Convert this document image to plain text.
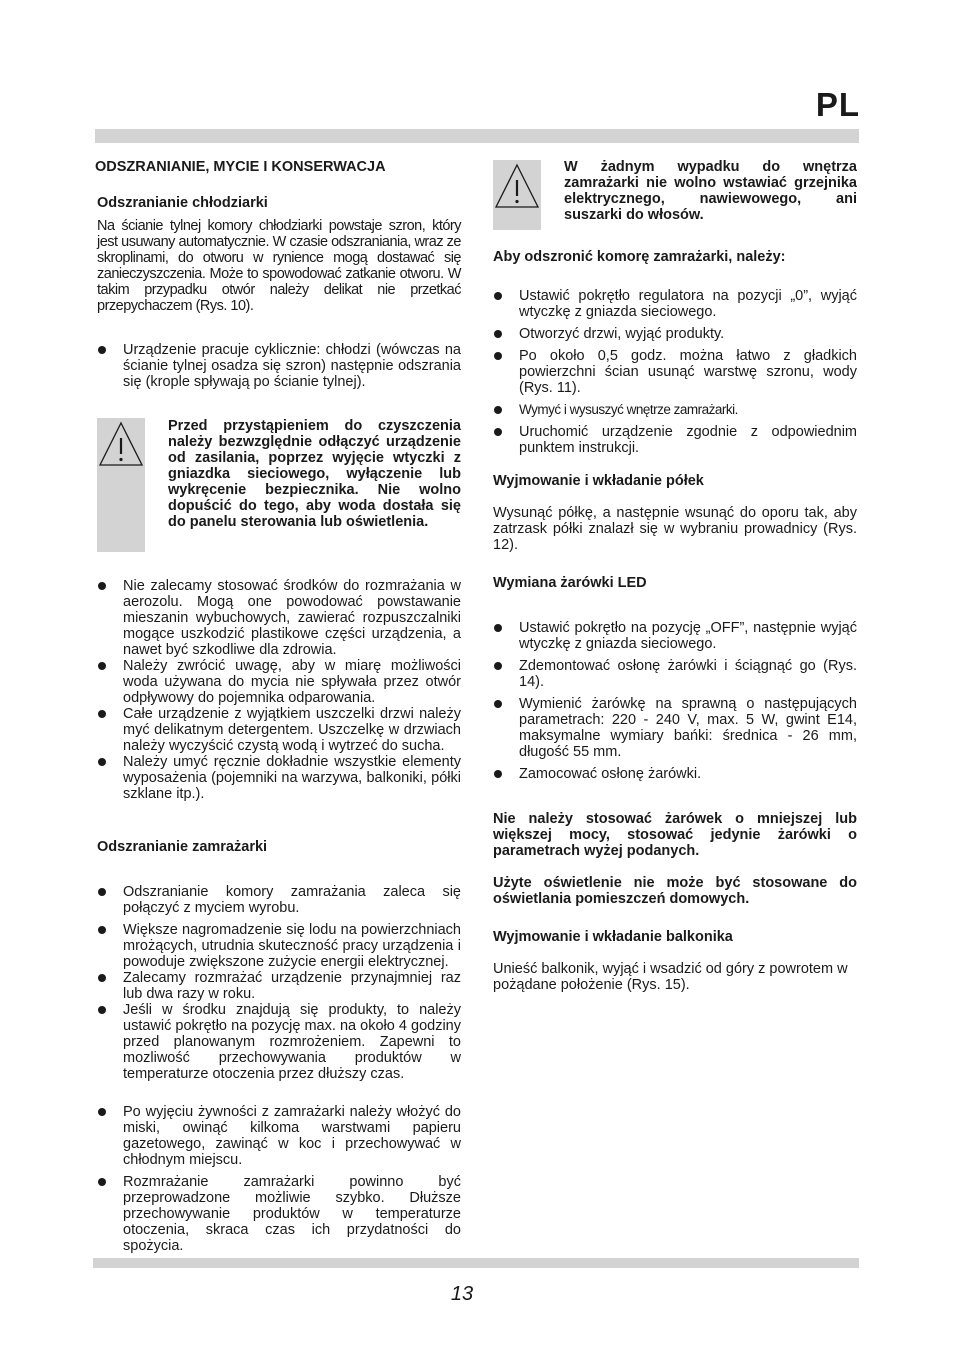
PL
ODSZRANIANIE, MYCIE I KONSERWACJA
Odszranianie chłodziarki
Na ścianie tylnej komory chłodziarki powstaje szron, który jest usuwany automatycznie. W czasie odszraniania, wraz ze skroplinami, do otworu w rynience mogą dostawać się zanieczyszczenia. Może to spowodować zatkanie otworu. W takim przypadku otwór należy delikat nie przetkać przepychaczem (Rys. 10).
Urządzenie pracuje cyklicznie: chłodzi (wówczas na ścianie tylnej osadza się szron) następnie odszrania się (krople spływają po ścianie tylnej).
Przed przystąpieniem do czyszczenia należy bezwzględnie odłączyć urządzenie od zasilania, poprzez wyjęcie wtyczki z gniazdka sieciowego, wyłączenie lub wykręcenie bezpiecznika. Nie wolno dopuścić do tego, aby woda dostała się do panelu sterowania lub oświetlenia.
Nie zalecamy stosować środków do rozmrażania w aerozolu. Mogą one powodować powstawanie mieszanin wybuchowych, zawierać rozpuszczalniki mogące uszkodzić plastikowe części urządzenia, a nawet być szkodliwe dla zdrowia.
Należy zwrócić uwagę, aby w miarę możliwości woda używana do mycia nie spływała przez otwór odpływowy do pojemnika odparowania.
Całe urządzenie z wyjątkiem uszczelki drzwi należy myć delikatnym detergentem. Uszczelkę w drzwiach należy wyczyścić czystą wodą i wytrzeć do sucha.
Należy umyć ręcznie dokładnie wszystkie elementy wyposażenia (pojemniki na warzywa, balkoniki, półki szklane itp.).
Odszranianie zamrażarki
Odszranianie komory zamrażania zaleca się połączyć z myciem wyrobu.
Większe nagromadzenie się lodu na powierzchniach mrożących, utrudnia skuteczność pracy urządzenia i powoduje zwiększone zużycie energii elektrycznej.
Zalecamy rozmrażać urządzenie przynajmniej raz lub dwa razy w roku.
Jeśli w środku znajdują się produkty, to należy ustawić pokrętło na pozycję max. na około 4 godziny przed planowanym rozmrożeniem. Zapewni to mozliwość przechowywania produktów w temperaturze otoczenia przez dłuższy czas.
Po wyjęciu żywności z zamrażarki należy włożyć do miski, owinąć kilkoma warstwami papieru gazetowego, zawinąć w koc i przechowywać w chłodnym miejscu.
Rozmrażanie zamrażarki powinno być przeprowadzone możliwie szybko. Dłuższe przechowywanie produktów w temperaturze otoczenia, skraca czas ich przydatności do spożycia.
W żadnym wypadku do wnętrza zamrażarki nie wolno wstawiać grzejnika elektrycznego, nawiewowego, ani suszarki do włosów.
Aby odszronić komorę zamrażarki, należy:
Ustawić pokrętło regulatora na pozycji „0”, wyjąć wtyczkę z gniazda sieciowego.
Otworzyć drzwi, wyjąć produkty.
Po około 0,5 godz. można łatwo z gładkich powierzchni ścian usunąć warstwę szronu, wody (Rys. 11).
Wymyć i wysuszyć wnętrze zamrażarki.
Uruchomić urządzenie zgodnie z odpowiednim punktem instrukcji.
Wyjmowanie i wkładanie półek
Wysunąć półkę, a następnie wsunąć do oporu tak, aby zatrzask półki znalazł się w wybraniu prowadnicy (Rys. 12).
Wymiana żarówki LED
Ustawić pokrętło na pozycję „OFF”, następnie wyjąć wtyczkę z gniazda sieciowego.
Zdemontować osłonę żarówki i ściągnąć go (Rys. 14).
Wymienić żarówkę na sprawną o następujących parametrach: 220 - 240 V, max. 5 W, gwint E14, maksymalne wymiary bańki: średnica - 26 mm, długość 55 mm.
Zamocować osłonę żarówki.
Nie należy stosować żarówek o mniejszej lub większej mocy, stosować jedynie żarówki o parametrach wyżej podanych.
Użyte oświetlenie nie może być stosowane do oświetlania pomieszczeń domowych.
Wyjmowanie i wkładanie balkonika
Unieść balkonik, wyjąć i wsadzić od góry z powrotem w pożądane położenie (Rys. 15).
13
